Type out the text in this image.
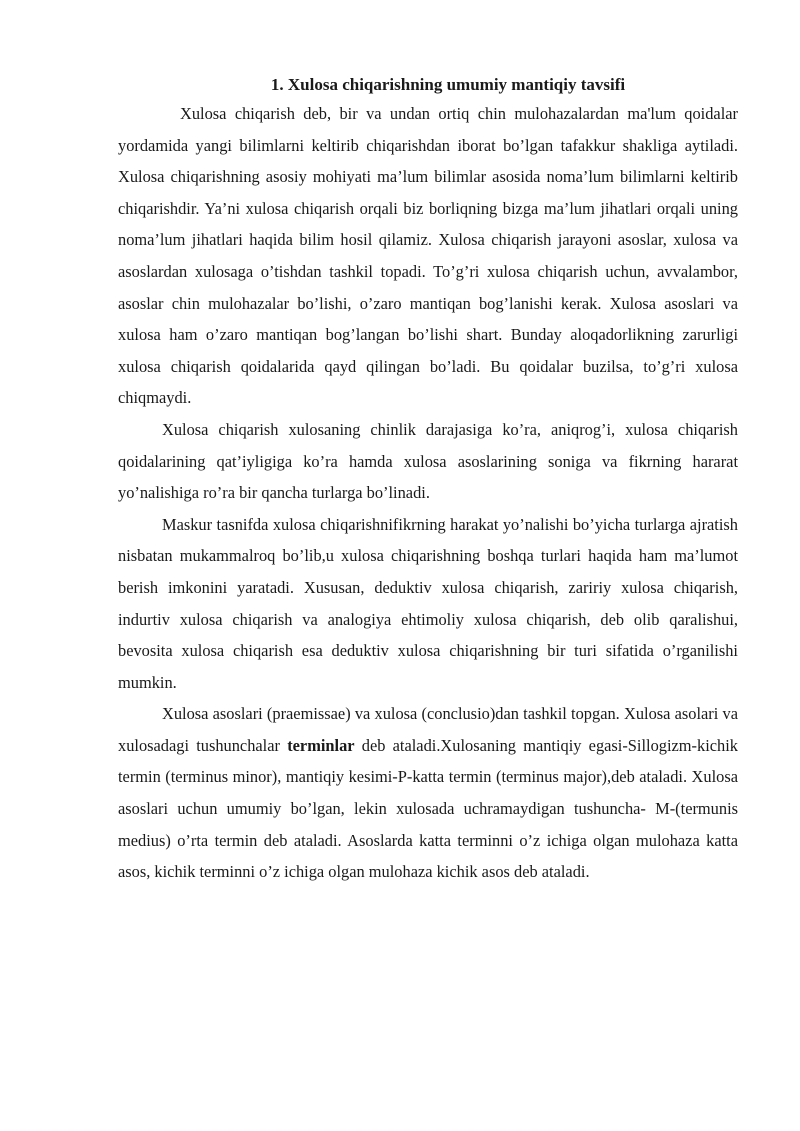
1. Xulosa chiqarishning umumiy mantiqiy tavsifi

Xulosa chiqarish deb, bir va undan ortiq chin mulohazalardan ma'lum qoidalar yordamida yangi bilimlarni keltirib chiqarishdan iborat bo’lgan tafakkur shakliga aytiladi. Xulosa chiqarishning asosiy mohiyati ma’lum bilimlar asosida noma’lum bilimlarni keltirib chiqarishdir. Ya’ni xulosa chiqarish orqali biz borliqning bizga ma’lum jihatlari orqali uning noma’lum jihatlari haqida bilim hosil qilamiz. Xulosa chiqarish jarayoni asoslar, xulosa va asoslardan xulosaga o’tishdan tashkil topadi. To’g’ri xulosa chiqarish uchun, avvalambor, asoslar chin mulohazalar bo’lishi, o’zaro mantiqan bog’lanishi kerak. Xulosa asoslari va xulosa ham o’zaro mantiqan bog’langan bo’lishi shart. Bunday aloqadorlikning zarurligi xulosa chiqarish qoidalarida qayd qilingan bo’ladi. Bu qoidalar buzilsa, to’g’ri xulosa chiqmaydi.

Xulosa chiqarish xulosaning chinlik darajasiga ko’ra, aniqrog’i, xulosa chiqarish qoidalarining qat’iyligiga ko’ra hamda xulosa asoslarining soniga va fikrning hararat yo’nalishiga ro’ra bir qancha turlarga bo’linadi.

Maskur tasnifda xulosa chiqarishnifikrning harakat yo’nalishi bo’yicha turlarga ajratish nisbatan mukammalroq bo’lib,u xulosa chiqarishning boshqa turlari haqida ham ma’lumot berish imkonini yaratadi. Xususan, deduktiv xulosa chiqarish, zaririy xulosa chiqarish, indurtiv xulosa chiqarish va analogiya ehtimoliy xulosa chiqarish, deb olib qaralishui, bevosita xulosa chiqarish esa deduktiv xulosa chiqarishning bir turi sifatida o’rganilishi mumkin.

Xulosa asoslari (praemissae) va xulosa (conclusio)dan tashkil topgan. Xulosa asolari va xulosadagi tushunchalar terminlar deb ataladi.Xulosaning mantiqiy egasi-Sillogizm-kichik termin (terminus minor), mantiqiy kesimi-P-katta termin (terminus major),deb ataladi. Xulosa asoslari uchun umumiy bo’lgan, lekin xulosada uchramaydigan tushuncha- M-(termunis medius) o’rta termin deb ataladi. Asoslarda katta terminni o’z ichiga olgan mulohaza katta asos, kichik terminni o’z ichiga olgan mulohaza kichik asos deb ataladi.
